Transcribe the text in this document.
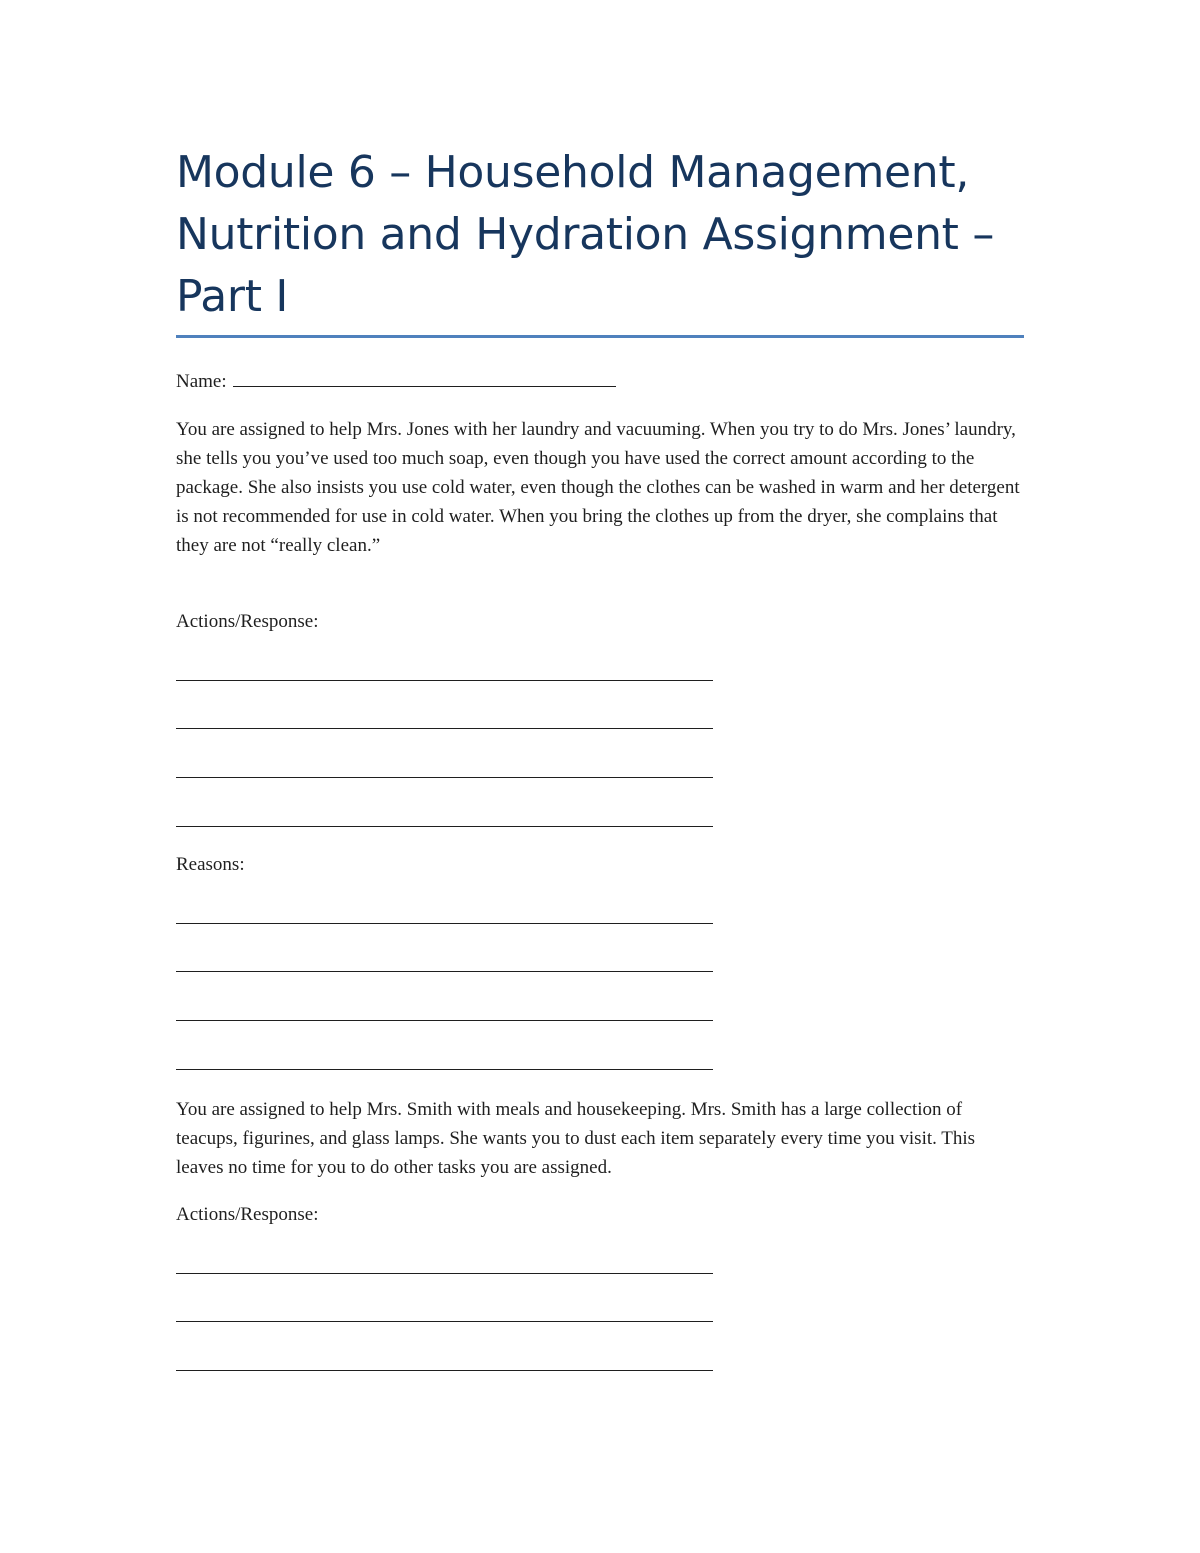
Module 6 – Household Management, Nutrition and Hydration Assignment – Part I
Name:

You are assigned to help Mrs. Jones with her laundry and vacuuming. When you try to do Mrs. Jones’ laundry, she tells you you’ve used too much soap, even though you have used the correct amount according to the package. She also insists you use cold water, even though the clothes can be washed in warm and her detergent is not recommended for use in cold water. When you bring the clothes up from the dryer, she complains that they are not “really clean.”

Actions/Response:

Reasons:

You are assigned to help Mrs. Smith with meals and housekeeping. Mrs. Smith has a large collection of teacups, figurines, and glass lamps. She wants you to dust each item separately every time you visit. This leaves no time for you to do other tasks you are assigned.

Actions/Response:
